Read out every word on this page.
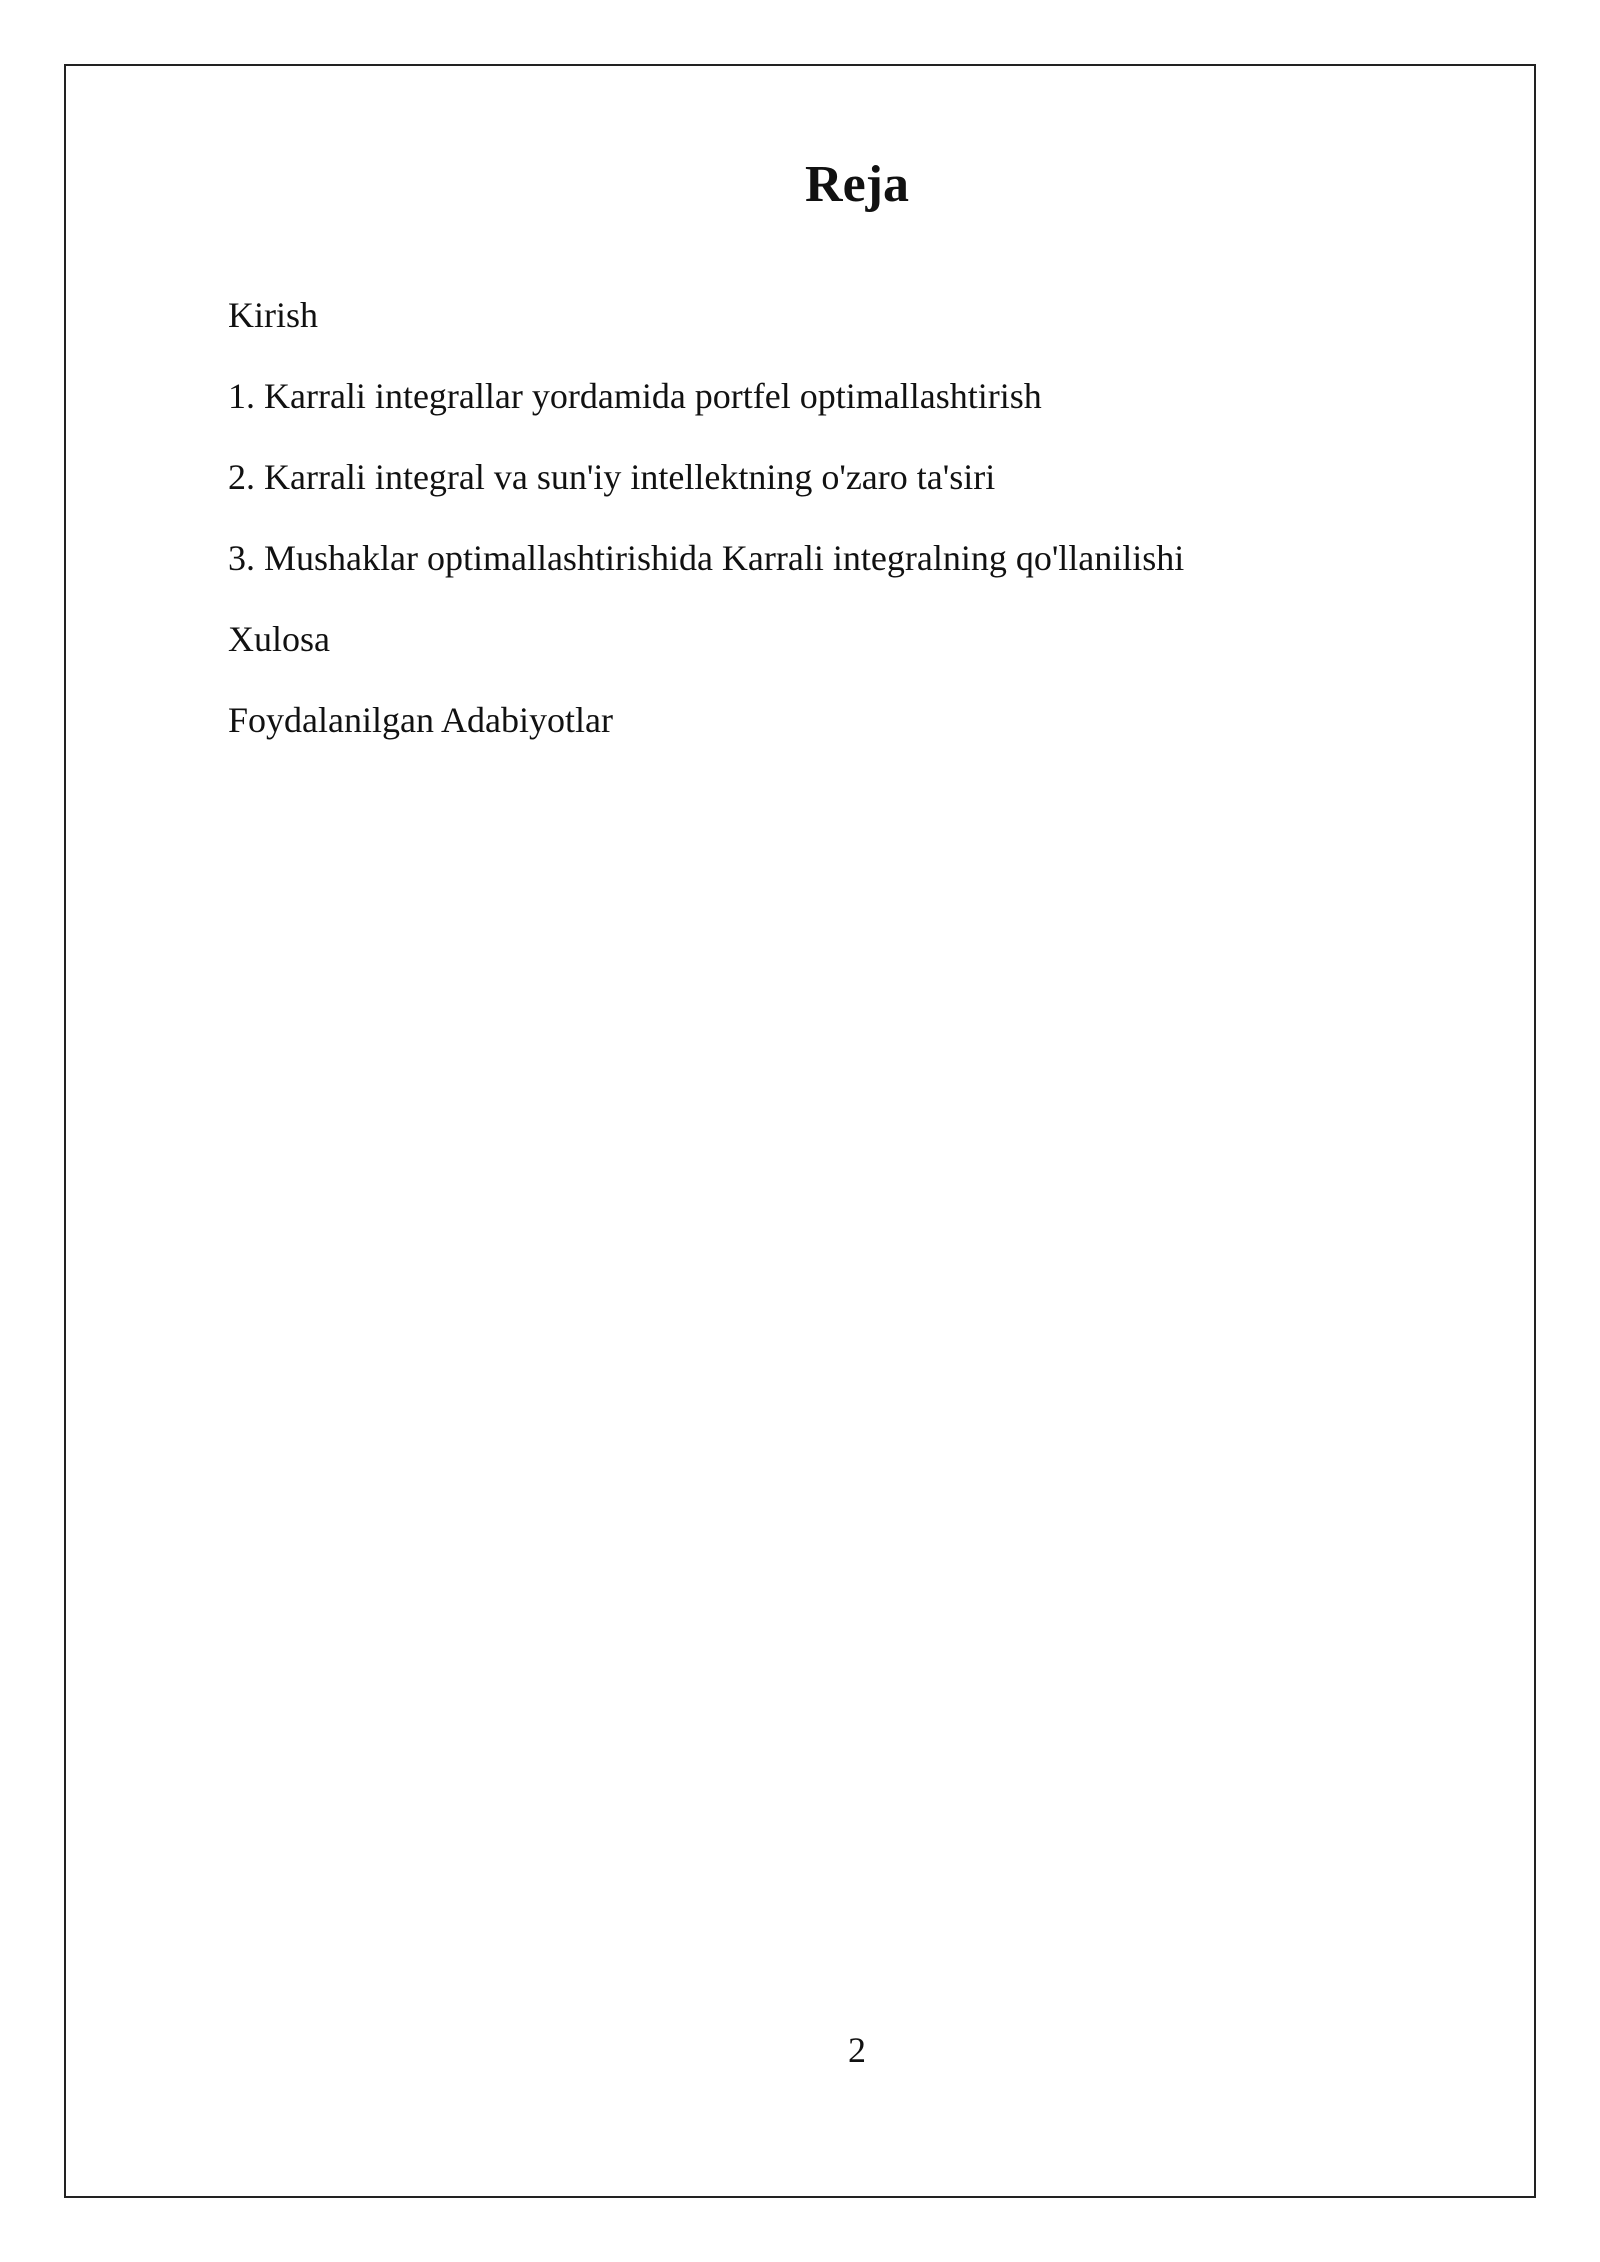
Reja
Kirish
1. Karrali integrallar yordamida portfel optimallashtirish
2. Karrali integral va sun'iy intellektning o'zaro ta'siri
3. Mushaklar optimallashtirishida Karrali integralning qo'llanilishi
Xulosa
Foydalanilgan Adabiyotlar
2
